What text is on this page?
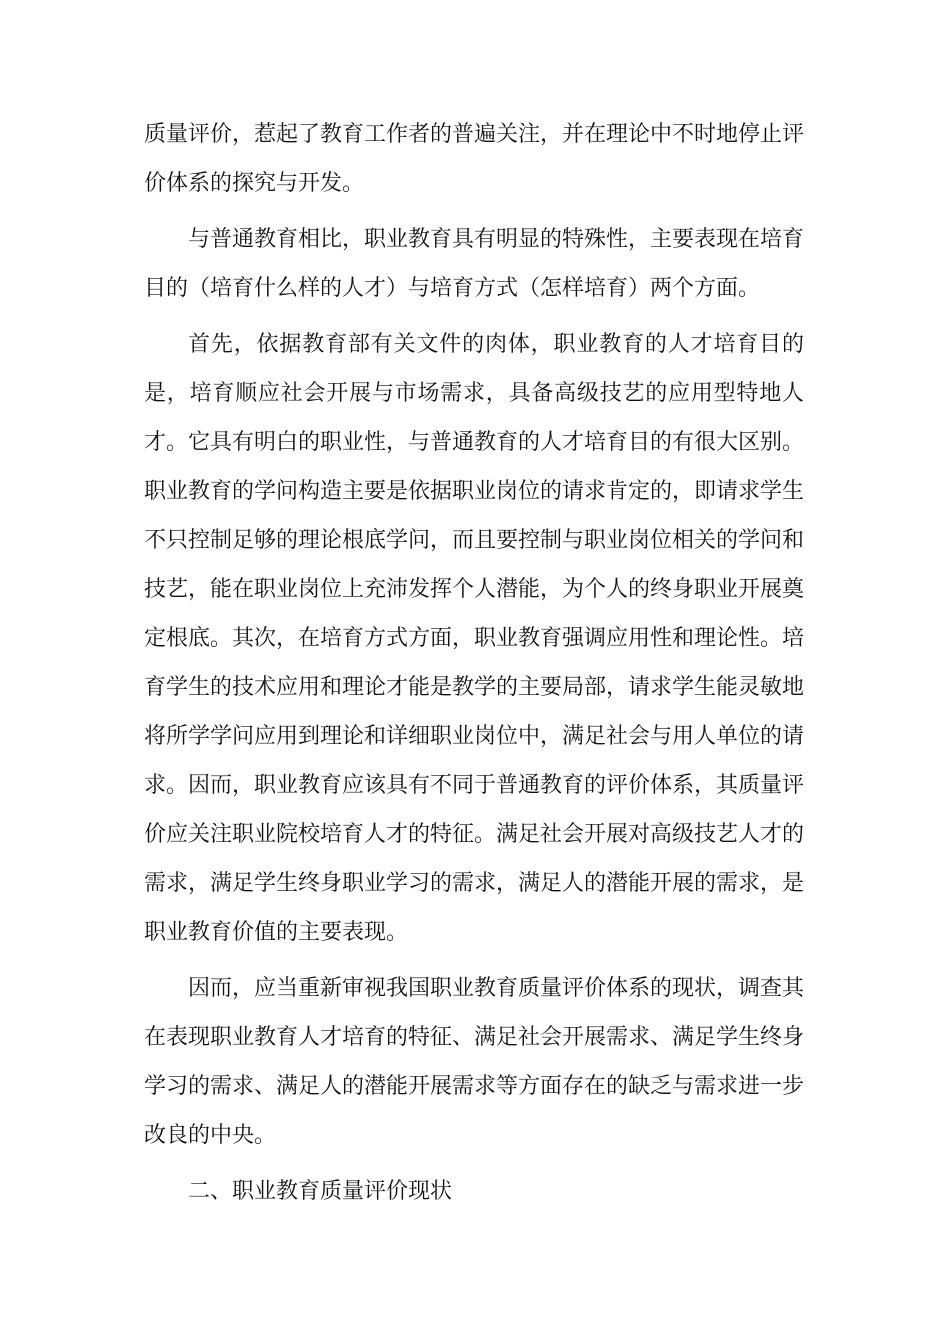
质量评价，惹起了教育工作者的普遍关注，并在理论中不时地停止评价体系的探究与开发。

与普通教育相比，职业教育具有明显的特殊性，主要表现在培育目的（培育什么样的人才）与培育方式（怎样培育）两个方面。

首先，依据教育部有关文件的肉体，职业教育的人才培育目的是，培育顺应社会开展与市场需求，具备高级技艺的应用型特地人才。它具有明白的职业性，与普通教育的人才培育目的有很大区别。职业教育的学问构造主要是依据职业岗位的请求肯定的，即请求学生不只控制足够的理论根底学问，而且要控制与职业岗位相关的学问和技艺，能在职业岗位上充沛发挥个人潜能，为个人的终身职业开展奠定根底。其次，在培育方式方面，职业教育强调应用性和理论性。培育学生的技术应用和理论才能是教学的主要局部，请求学生能灵敏地将所学学问应用到理论和详细职业岗位中，满足社会与用人单位的请求。因而，职业教育应该具有不同于普通教育的评价体系，其质量评价应关注职业院校培育人才的特征。满足社会开展对高级技艺人才的需求，满足学生终身职业学习的需求，满足人的潜能开展的需求，是职业教育价值的主要表现。

因而，应当重新审视我国职业教育质量评价体系的现状，调查其在表现职业教育人才培育的特征、满足社会开展需求、满足学生终身学习的需求、满足人的潜能开展需求等方面存在的缺乏与需求进一步改良的中央。

二、职业教育质量评价现状
